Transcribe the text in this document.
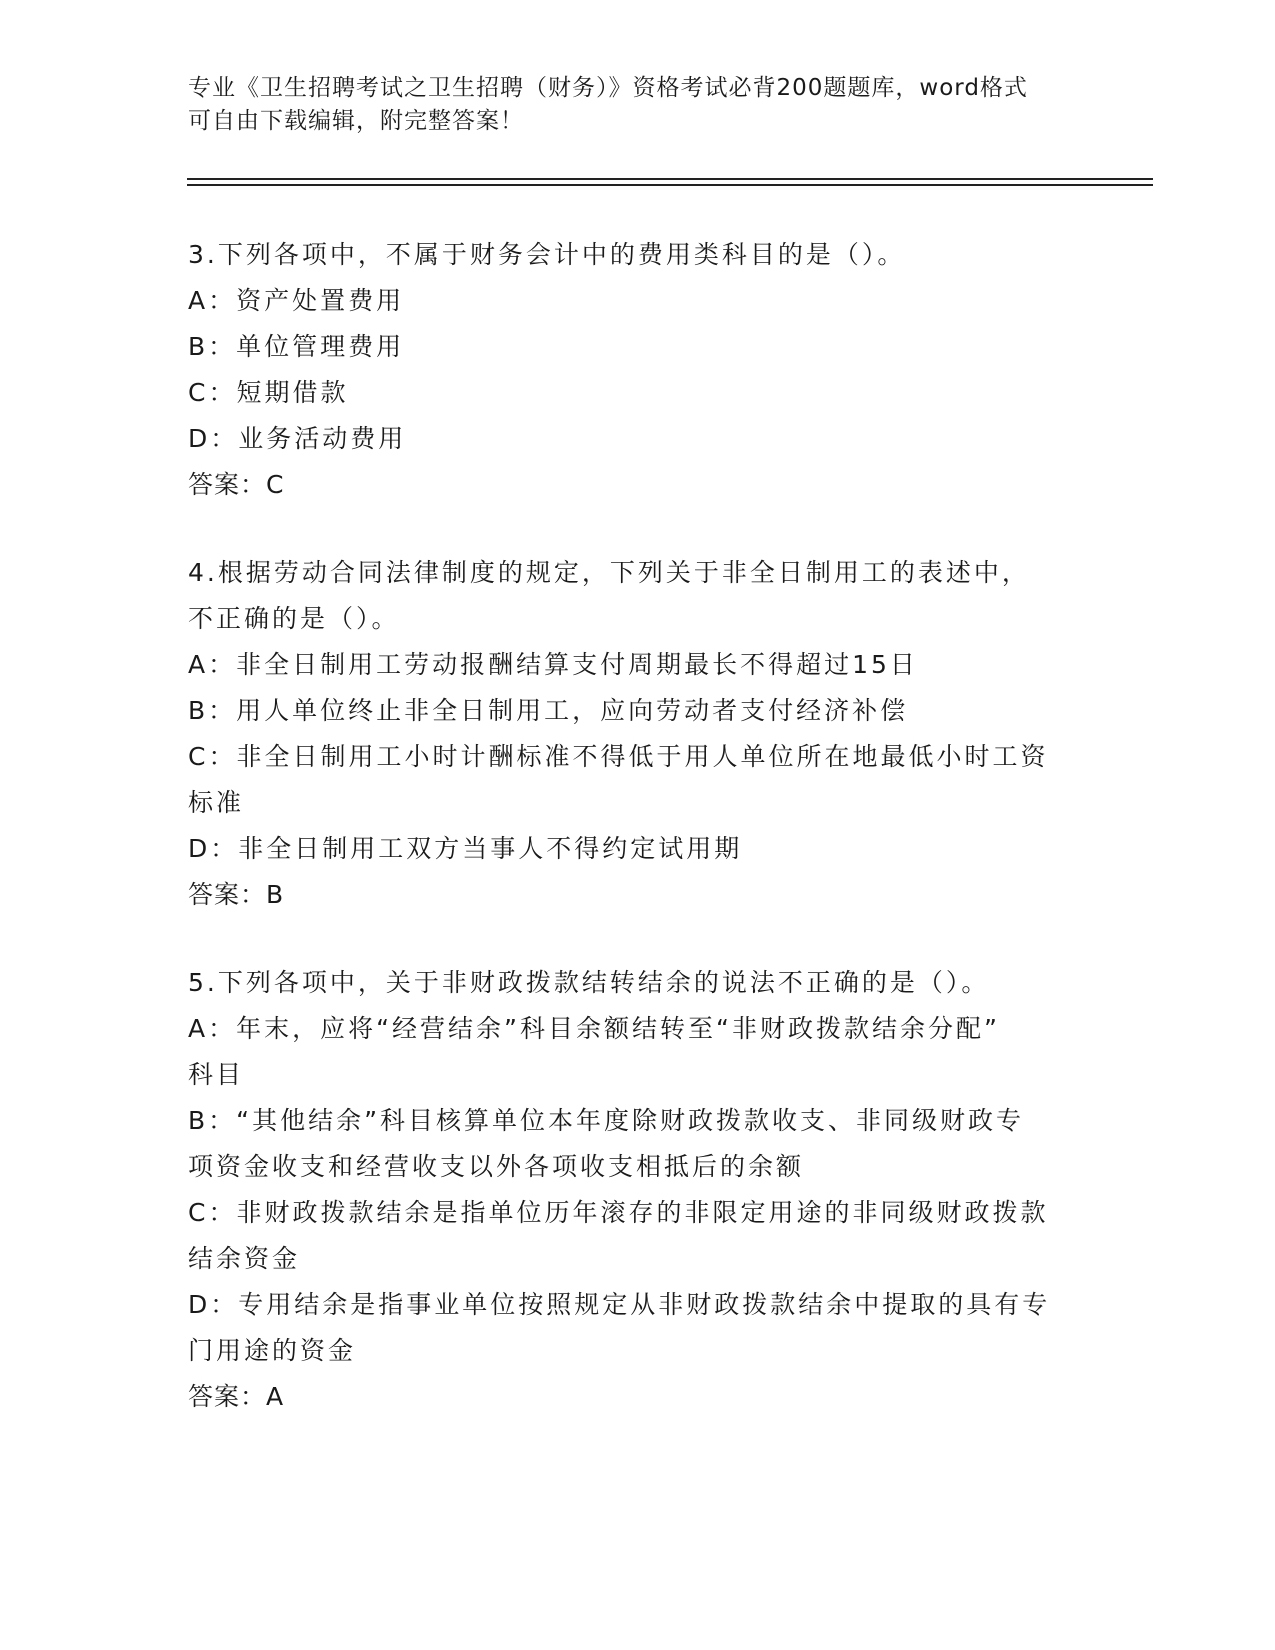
专业《卫生招聘考试之卫生招聘（财务）》资格考试必背200题题库，word格式
可自由下载编辑，附完整答案！
3.下列各项中，不属于财务会计中的费用类科目的是（）。
A：资产处置费用
B：单位管理费用
C：短期借款
D：业务活动费用
答案：C
4.根据劳动合同法律制度的规定，下列关于非全日制用工的表述中，
不正确的是（）。
A：非全日制用工劳动报酬结算支付周期最长不得超过15日
B：用人单位终止非全日制用工，应向劳动者支付经济补偿
C：非全日制用工小时计酬标准不得低于用人单位所在地最低小时工资
标准
D：非全日制用工双方当事人不得约定试用期
答案：B
5.下列各项中，关于非财政拨款结转结余的说法不正确的是（）。
A：年末，应将“经营结余”科目余额结转至“非财政拨款结余分配”
科目
B：“其他结余”科目核算单位本年度除财政拨款收支、非同级财政专
项资金收支和经营收支以外各项收支相抵后的余额
C：非财政拨款结余是指单位历年滚存的非限定用途的非同级财政拨款
结余资金
D：专用结余是指事业单位按照规定从非财政拨款结余中提取的具有专
门用途的资金
答案：A
